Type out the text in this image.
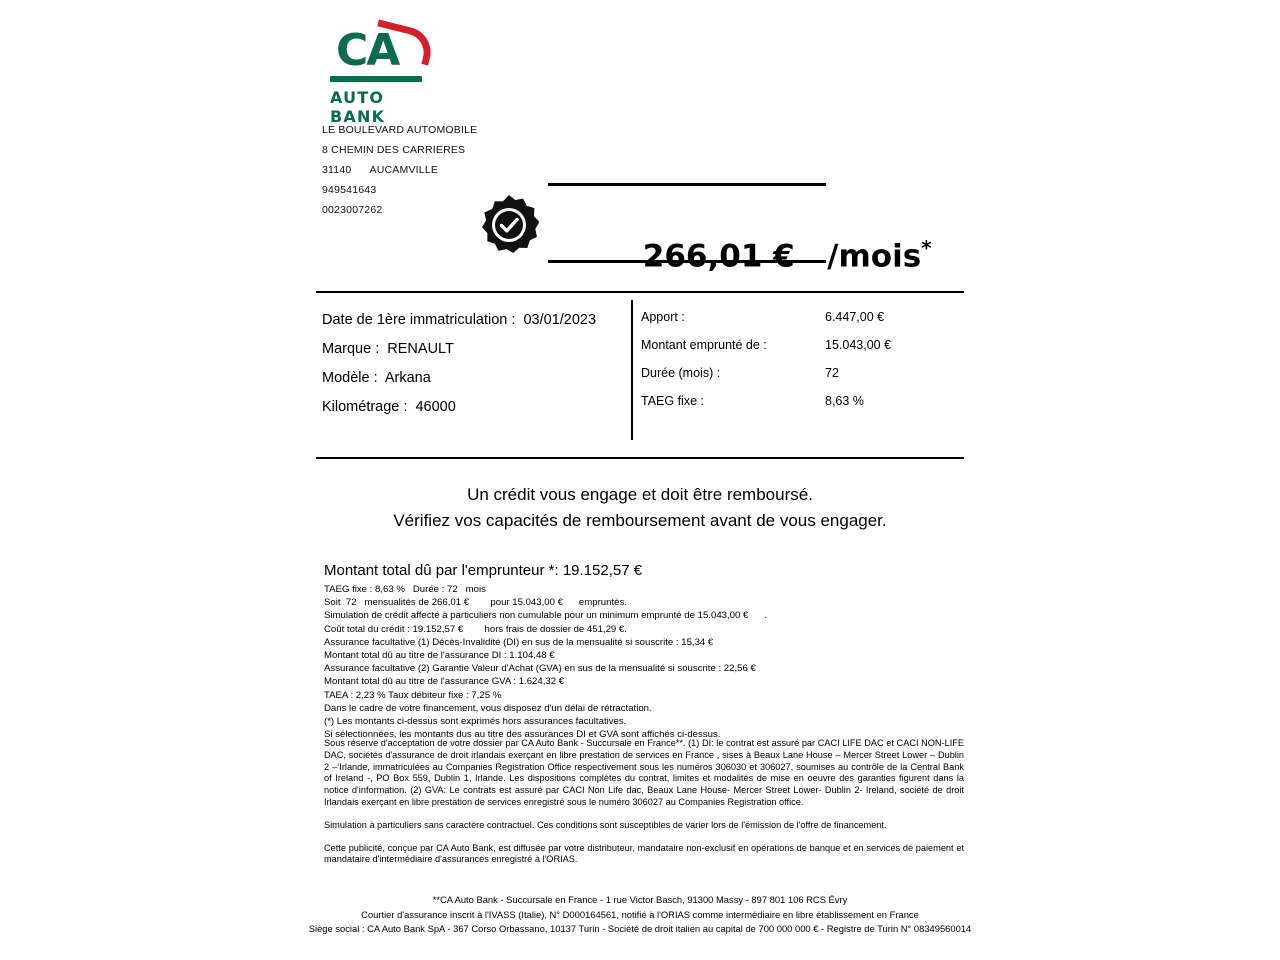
CA
AUTO BANK
LE BOULEVARD AUTOMOBILE
8 CHEMIN DES CARRIERES
31140      AUCAMVILLE
949541643
0023007262

266,01 €   /mois*

Date de 1ère immatriculation :  03/01/2023
Marque :  RENAULT
Modèle :  Arkana
Kilométrage :  46000
Apport :	6.447,00 €
Montant emprunté de :	15.043,00 €
Durée (mois) :	72
TAEG fixe :	8,63 %
Un crédit vous engage et doit être remboursé.
Vérifiez vos capacités de remboursement avant de vous engager.
Montant total dû par l'emprunteur *: 19.152,57 €
TAEG fixe : 8,63 %   Durée : 72   mois
Soit  72   mensualités de 266,01 €        pour 15.043,00 €      empruntés.
Simulation de crédit affecté à particuliers non cumulable pour un minimum emprunté de 15.043,00 €      .
Coût total du crédit : 19.152,57 €        hors frais de dossier de 451,29 €.
Assurance facultative (1) Décès-Invalidité (DI) en sus de la mensualité si souscrite : 15,34 €
Montant total dû au titre de l'assurance DI : 1.104,48 €
Assurance facultative (2) Garantie Valeur d'Achat (GVA) en sus de la mensualité si souscrite : 22,56 €
Montant total dû au titre de l'assurance GVA : 1.624,32 €
TAEA : 2,23 % Taux débiteur fixe : 7,25 %
Dans le cadre de votre financement, vous disposez d'un délai de rétractation.
(*) Les montants ci-dessus sont exprimés hors assurances facultatives.
Si sélectionnées, les montants dus au titre des assurances DI et GVA sont affichés ci-dessus.

Sous réserve d'acceptation de votre dossier par CA Auto Bank - Succursale en France**. (1) DI: le contrat est assuré par CACI LIFE DAC et CACI NON-LIFE DAC, sociétés d'assurance de droit irlandais exerçant en libre prestation de services en France , sises à Beaux Lane House – Mercer Street Lower – Dublin 2 –‘Irlande, immatriculées au Companies Registration Office respectivement sous les numéros 306030 et 306027, soumises au contrôle de la Central Bank of Ireland -, PO Box 559, Dublin 1, Irlande. Les dispositions complètes du contrat, limites et modalités de mise en oeuvre des garanties figurent dans la notice d'information. (2) GVA: Le contrats est assuré par CACI Non Life dac, Beaux Lane House- Mercer Street Lower- Dublin 2- Ireland, société de droit Irlandais exerçant en libre prestation de services enregistré sous le numéro 306027 au Companies Registration office.

Simulation à particuliers sans caractère contractuel. Ces conditions sont susceptibles de varier lors de l'émission de l'offre de financement.

Cette publicité, conçue par CA Auto Bank, est diffusée par votre distributeur, mandataire non-exclusif en opérations de banque et en services de paiement et mandataire d'intermédiaire d'assurances enregistré à l'ORIAS.

**CA Auto Bank - Succursale en France - 1 rue Victor Basch, 91300 Massy - 897 801 106 RCS Évry
Courtier d'assurance inscrit à l'IVASS (Italie), N° D000164561, notifié à l'ORIAS comme intermédiaire en libre établissement en France
Siège social : CA Auto Bank SpA - 367 Corso Orbassano, 10137 Turin - Société de droit italien au capital de 700 000 000 € - Registre de Turin N° 08349560014
